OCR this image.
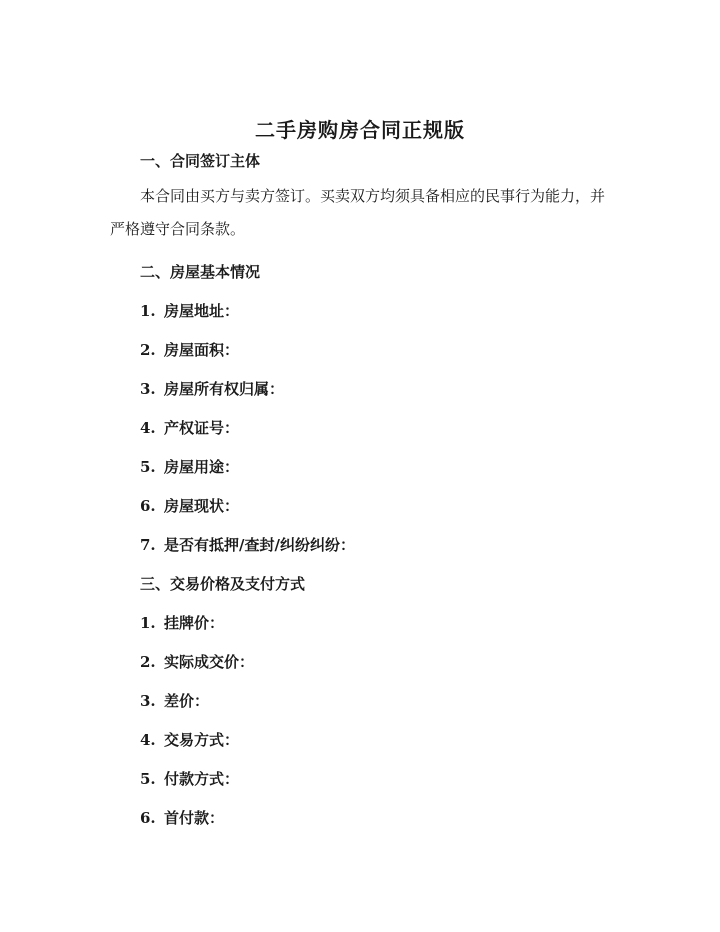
二手房购房合同正规版
一、合同签订主体
本合同由买方与卖方签订。买卖双方均须具备相应的民事行为能力，并严格遵守合同条款。
二、房屋基本情况
1. 房屋地址：
2. 房屋面积：
3. 房屋所有权归属：
4. 产权证号：
5. 房屋用途：
6. 房屋现状：
7. 是否有抵押/查封/纠纷纠纷：
三、交易价格及支付方式
1. 挂牌价：
2. 实际成交价：
3. 差价：
4. 交易方式：
5. 付款方式：
6. 首付款：
